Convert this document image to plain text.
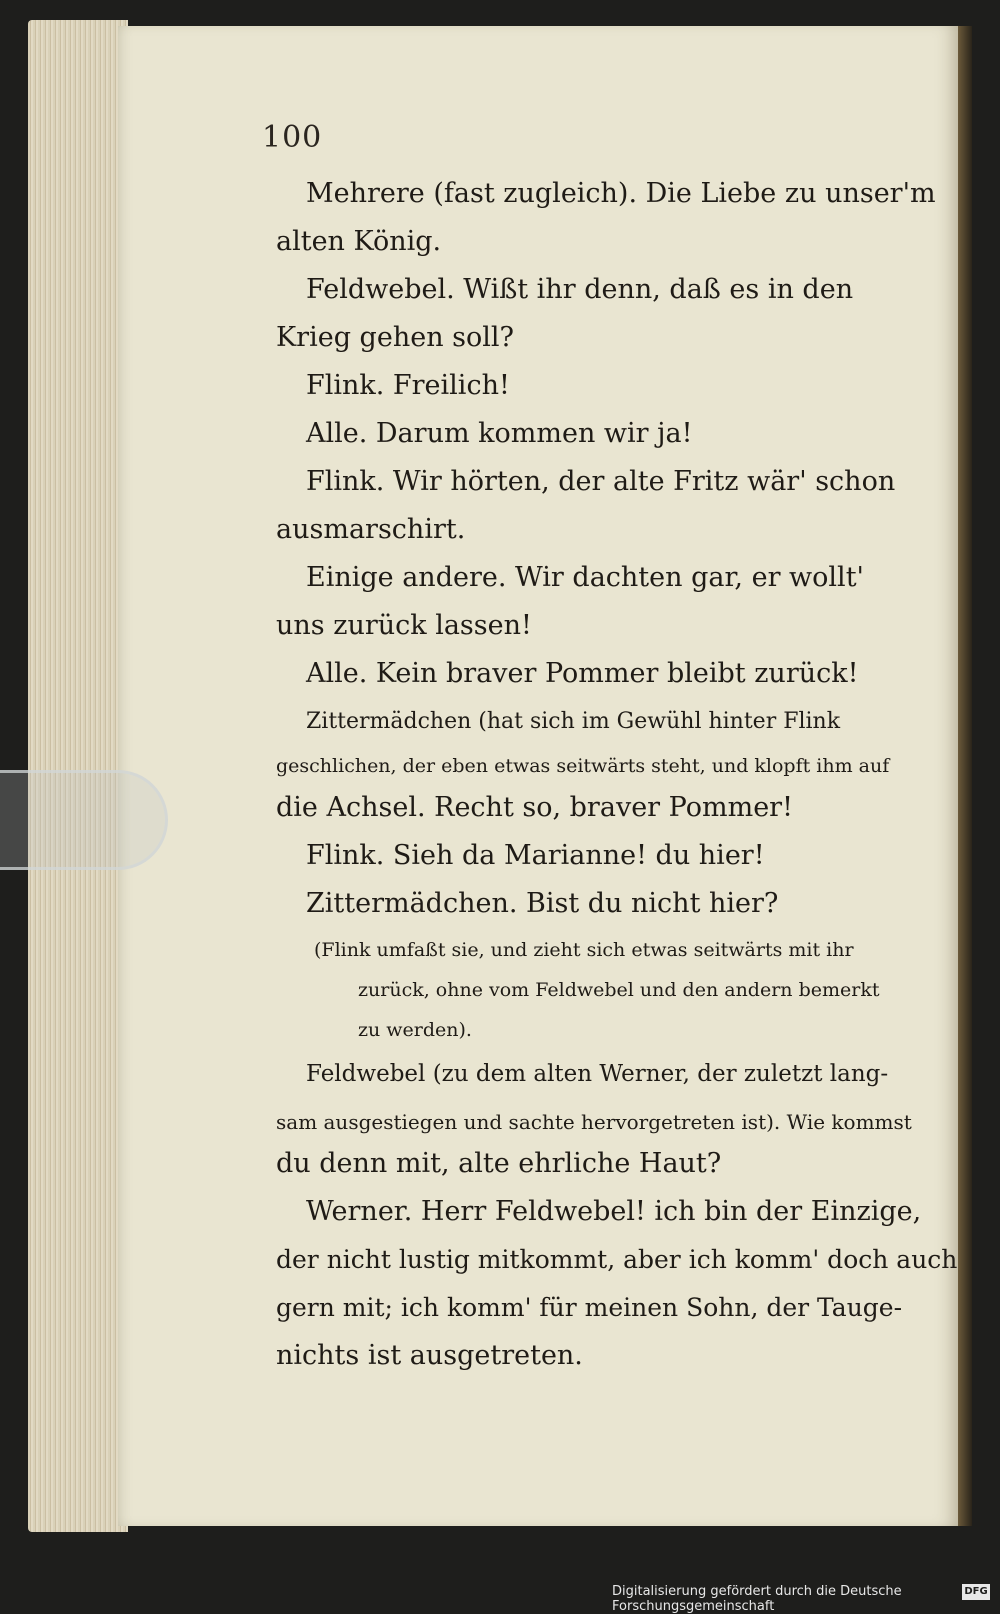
100
Mehrere (fast zugleich). Die Liebe zu unser'm
alten König.
Feldwebel. Wißt ihr denn, daß es in den
Krieg gehen soll?
Flink. Freilich!
Alle. Darum kommen wir ja!
Flink. Wir hörten, der alte Fritz wär' schon
ausmarschirt.
Einige andere. Wir dachten gar, er wollt'
uns zurück lassen!
Alle. Kein braver Pommer bleibt zurück!
Zittermädchen (hat sich im Gewühl hinter Flink
geschlichen, der eben etwas seitwärts steht, und klopft ihm auf
die Achsel. Recht so, braver Pommer!
Flink. Sieh da Marianne! du hier!
Zittermädchen. Bist du nicht hier?
(Flink umfaßt sie, und zieht sich etwas seitwärts mit ihr
zurück, ohne vom Feldwebel und den andern bemerkt
zu werden).
Feldwebel (zu dem alten Werner, der zuletzt lang-
sam ausgestiegen und sachte hervorgetreten ist). Wie kommst
du denn mit, alte ehrliche Haut?
Werner. Herr Feldwebel! ich bin der Einzige,
der nicht lustig mitkommt, aber ich komm' doch auch
gern mit; ich komm' für meinen Sohn, der Tauge-
nichts ist ausgetreten.
Digitalisierung gefördert durch die Deutsche Forschungsgemeinschaft
DFG
